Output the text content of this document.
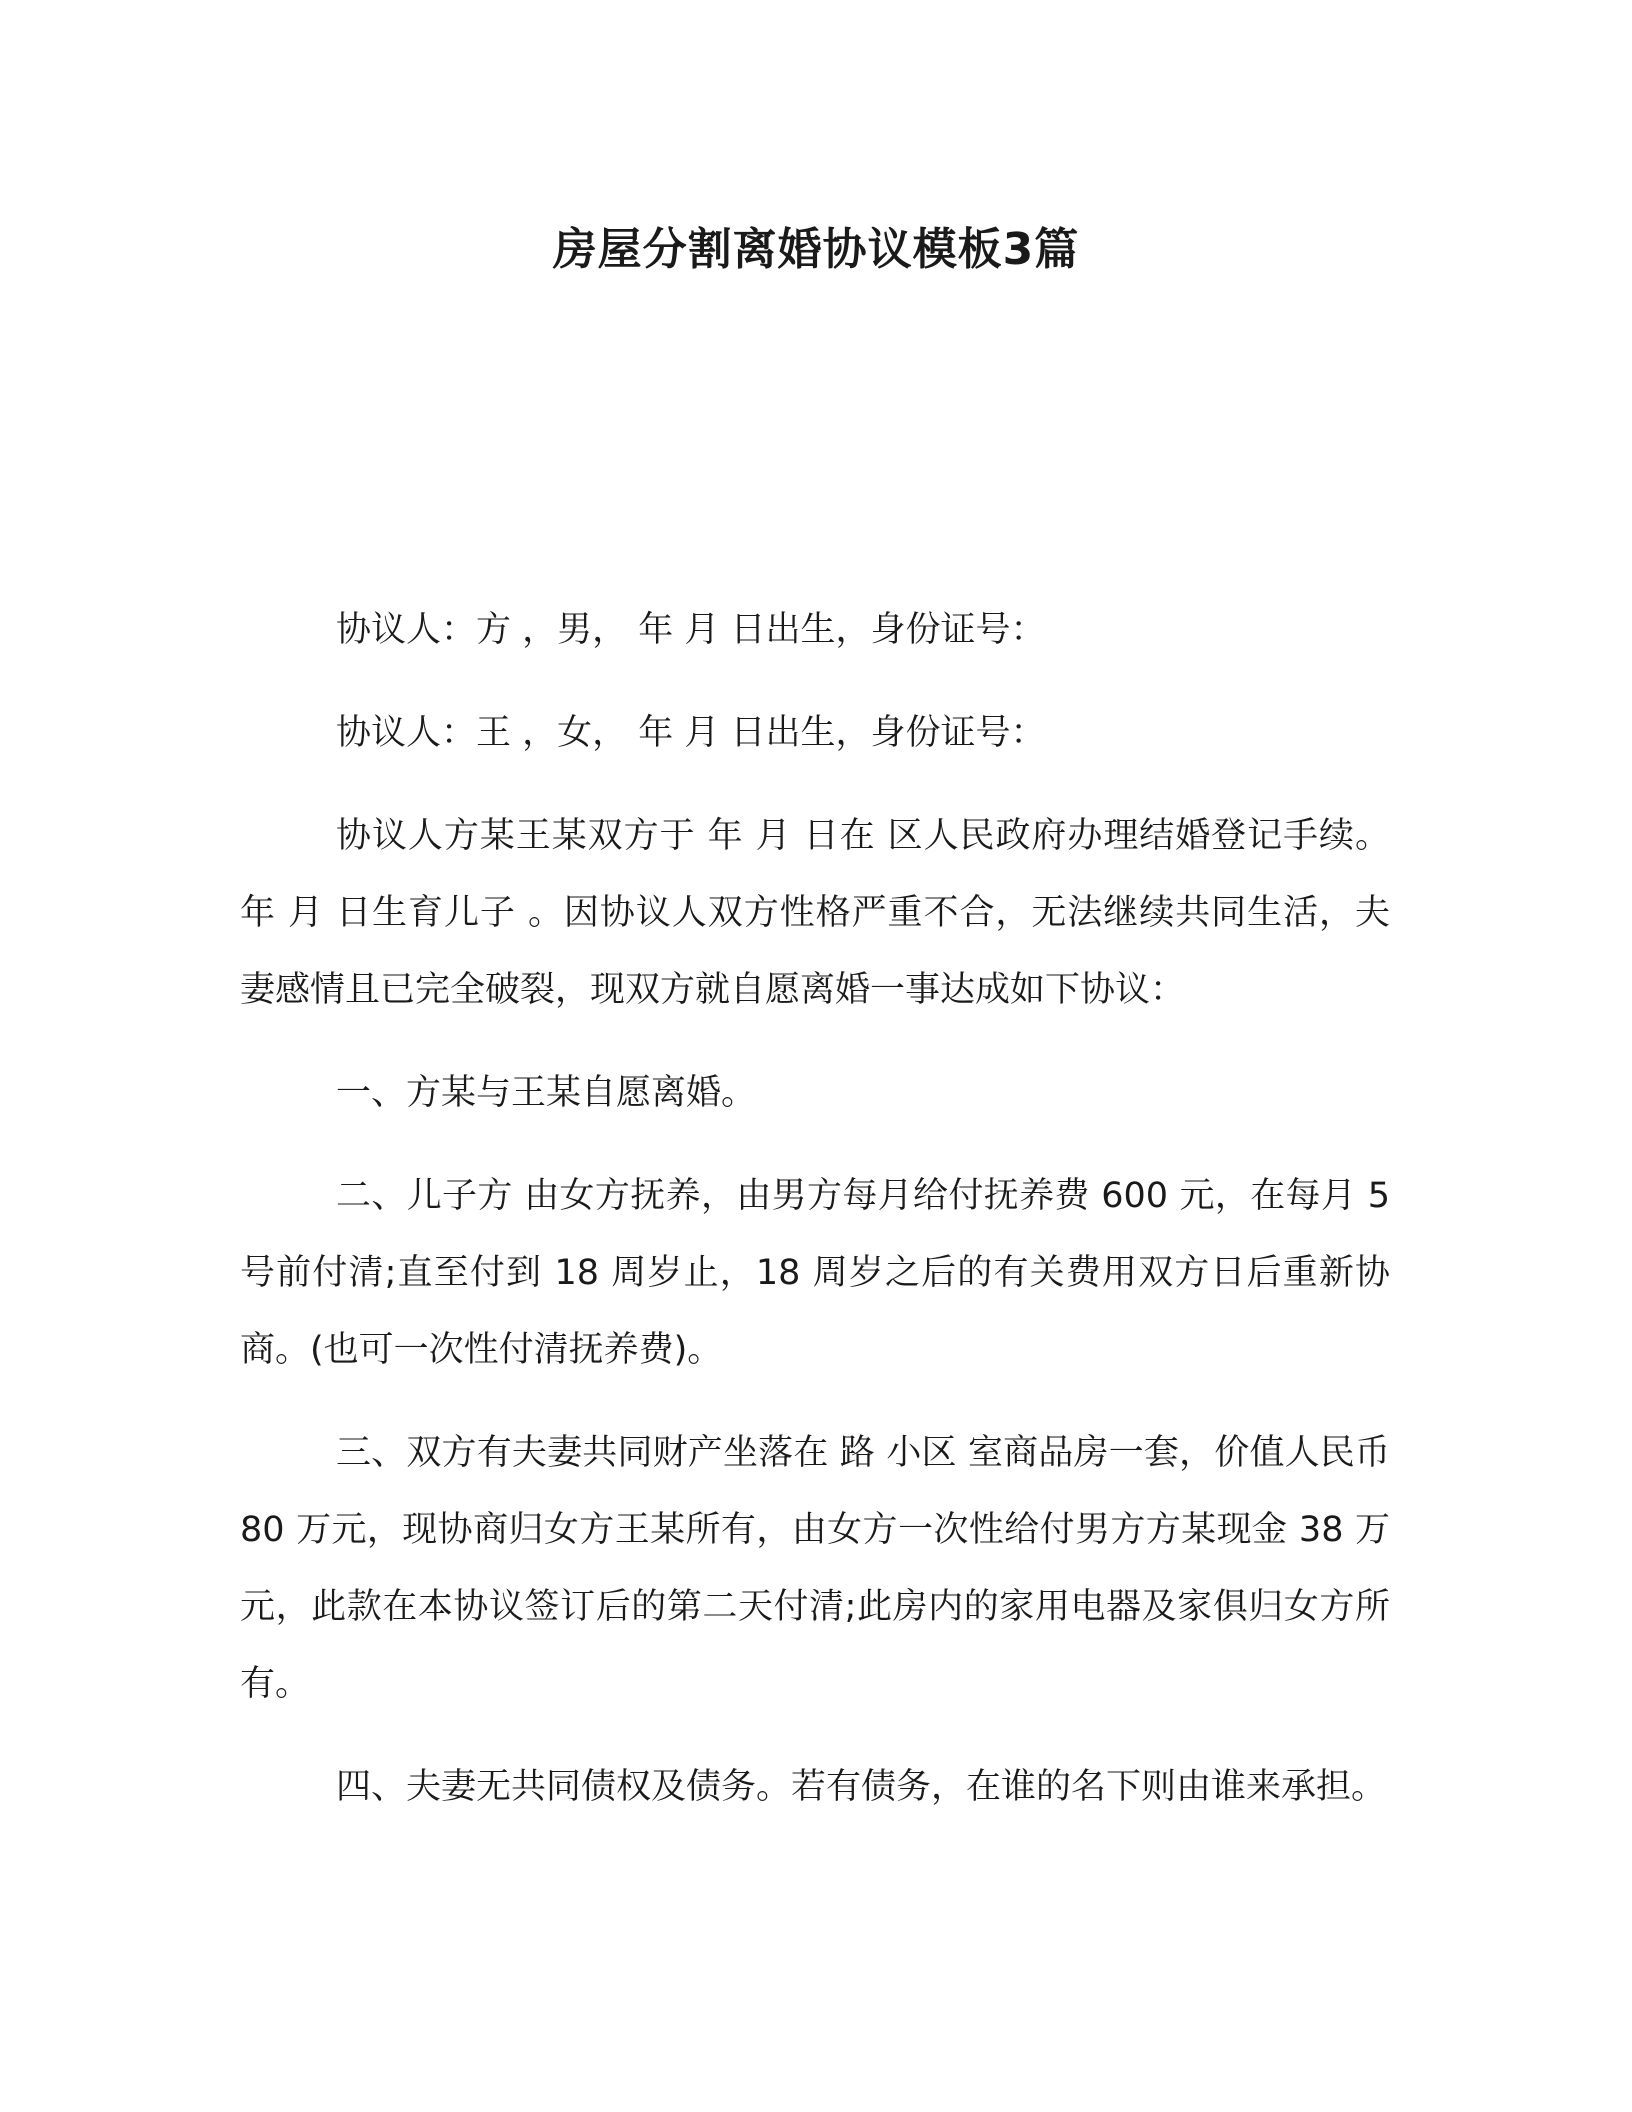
房屋分割离婚协议模板3篇

协议人：方 ，男， 年 月 日出生，身份证号：

协议人：王 ，女， 年 月 日出生，身份证号：

协议人方某王某双方于 年 月 日在 区人民政府办理结婚登记手续。年 月 日生育儿子 。因协议人双方性格严重不合，无法继续共同生活，夫妻感情且已完全破裂，现双方就自愿离婚一事达成如下协议：

一、方某与王某自愿离婚。

二、儿子方 由女方抚养，由男方每月给付抚养费 600 元，在每月 5 号前付清;直至付到 18 周岁止，18 周岁之后的有关费用双方日后重新协商。(也可一次性付清抚养费)。

三、双方有夫妻共同财产坐落在 路 小区 室商品房一套，价值人民币 80 万元，现协商归女方王某所有，由女方一次性给付男方方某现金 38 万元，此款在本协议签订后的第二天付清;此房内的家用电器及家俱归女方所有。

四、夫妻无共同债权及债务。若有债务，在谁的名下则由谁来承担。
